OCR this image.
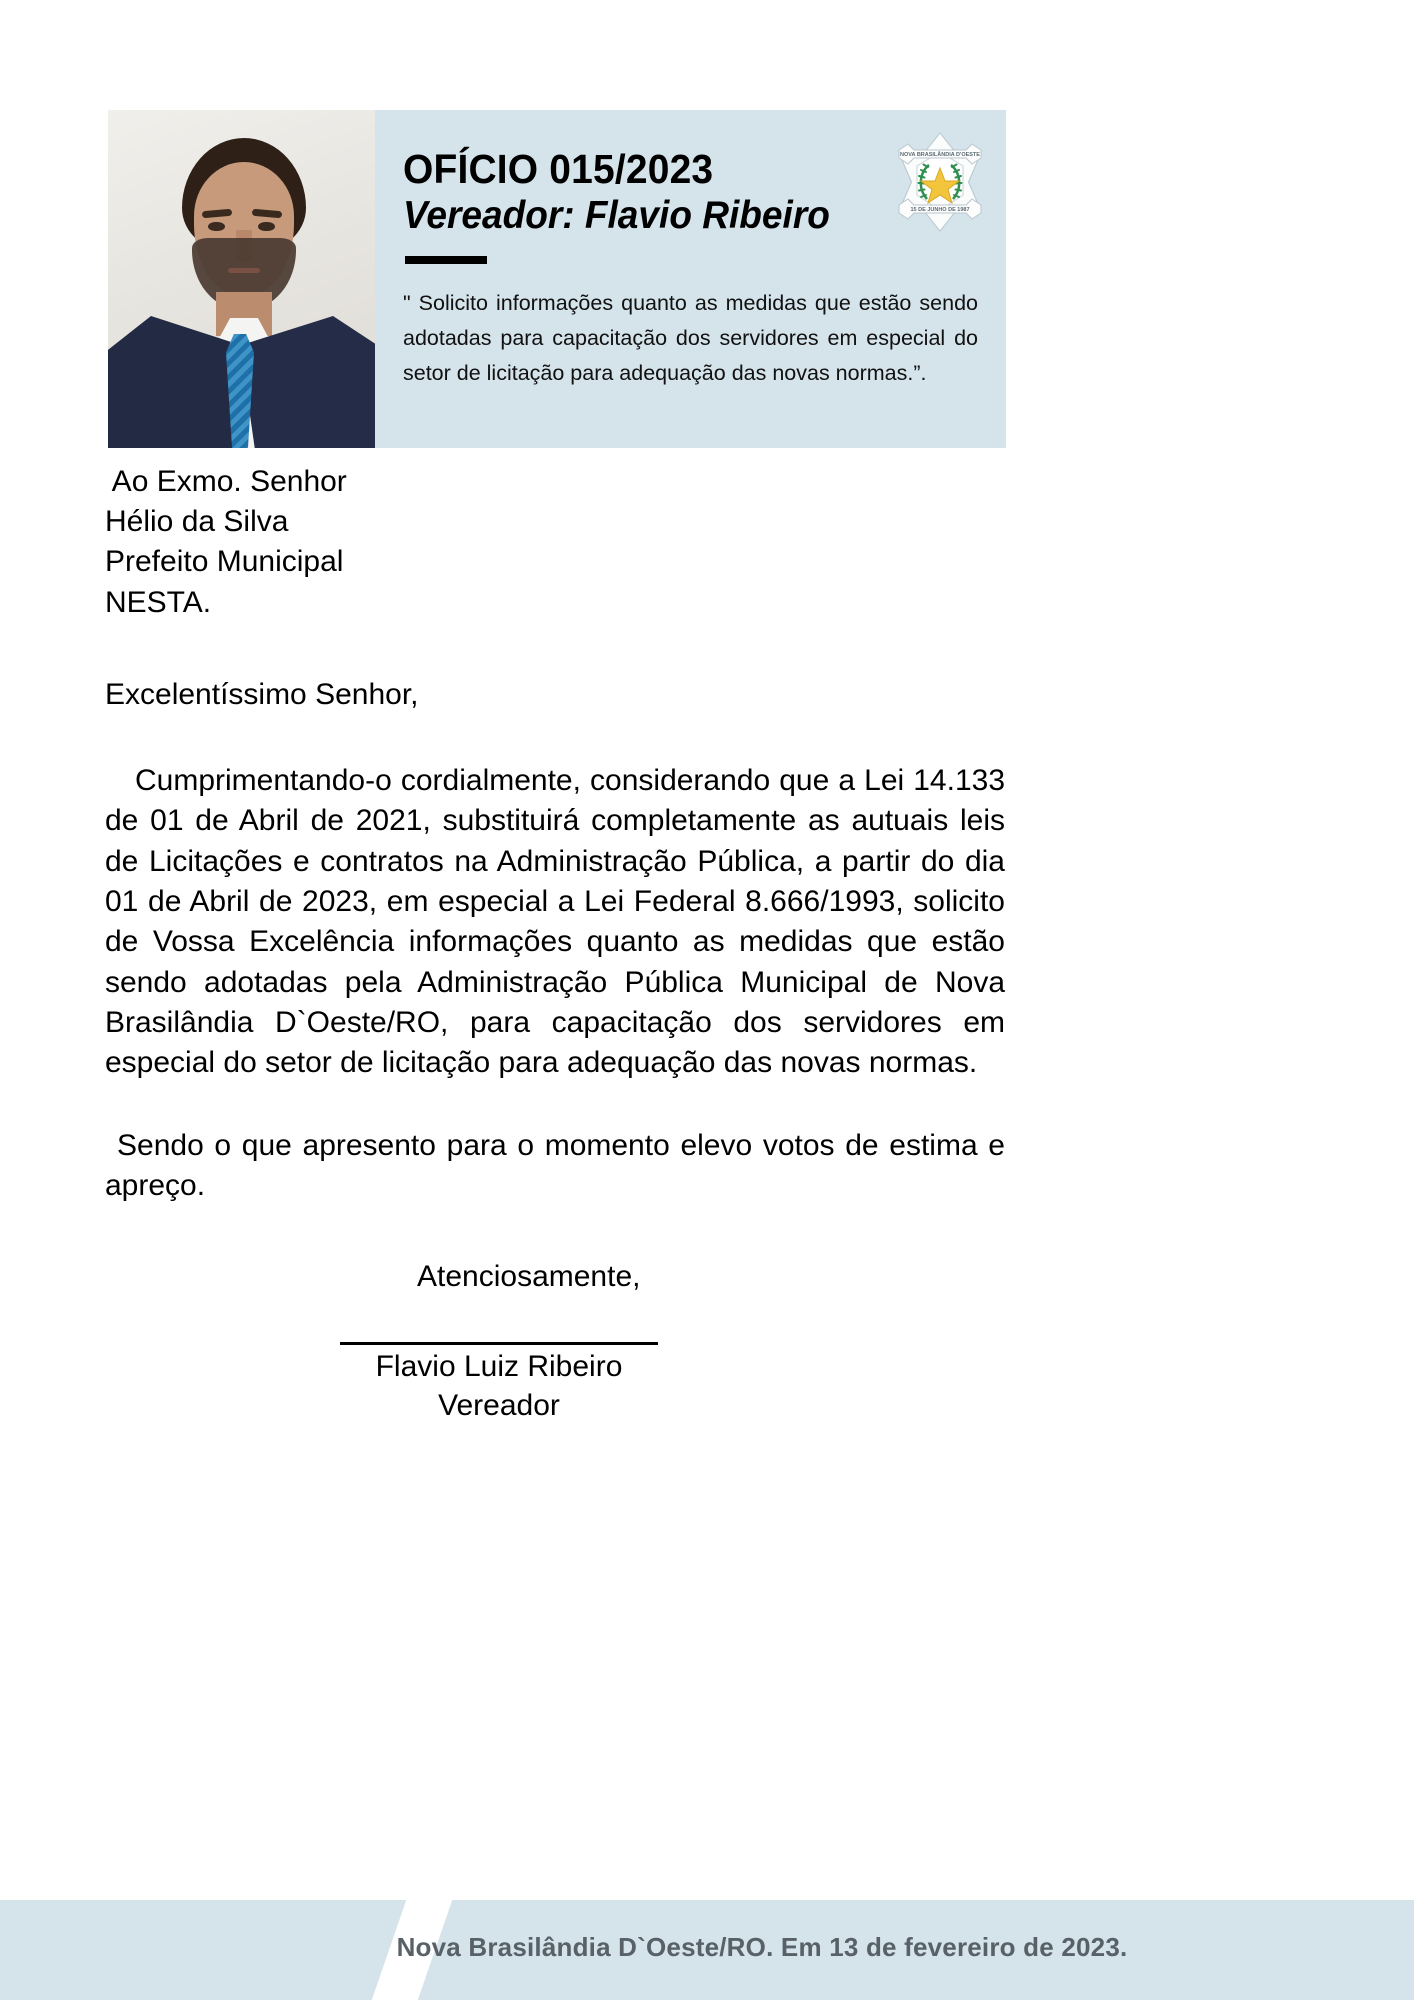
NOVA BRASILÂNDIA D'OESTE
15 DE JUNHO DE 1987
OFÍCIO 015/2023
Vereador: Flavio Ribeiro
" Solicito informações quanto as medidas que estão sendo adotadas para capacitação dos servidores em especial do setor de licitação para adequação das novas normas.”.
Ao Exmo. Senhor
Hélio da Silva
Prefeito Municipal
NESTA.
Excelentíssimo Senhor,
Cumprimentando-o cordialmente, considerando que a Lei 14.133 de 01 de Abril de 2021, substituirá completamente as autuais leis de Licitações e contratos na Administração Pública, a partir do dia 01 de Abril de 2023, em especial a Lei Federal 8.666/1993, solicito de Vossa Excelência informações quanto as medidas que estão sendo adotadas pela Administração Pública Municipal de Nova Brasilândia D`Oeste/RO, para capacitação dos servidores em especial do setor de licitação para adequação das novas normas.
Sendo o que apresento para o momento elevo votos de estima e apreço.
Atenciosamente,
Flavio Luiz Ribeiro
Vereador
Nova Brasilândia D`Oeste/RO. Em 13 de fevereiro de 2023.
